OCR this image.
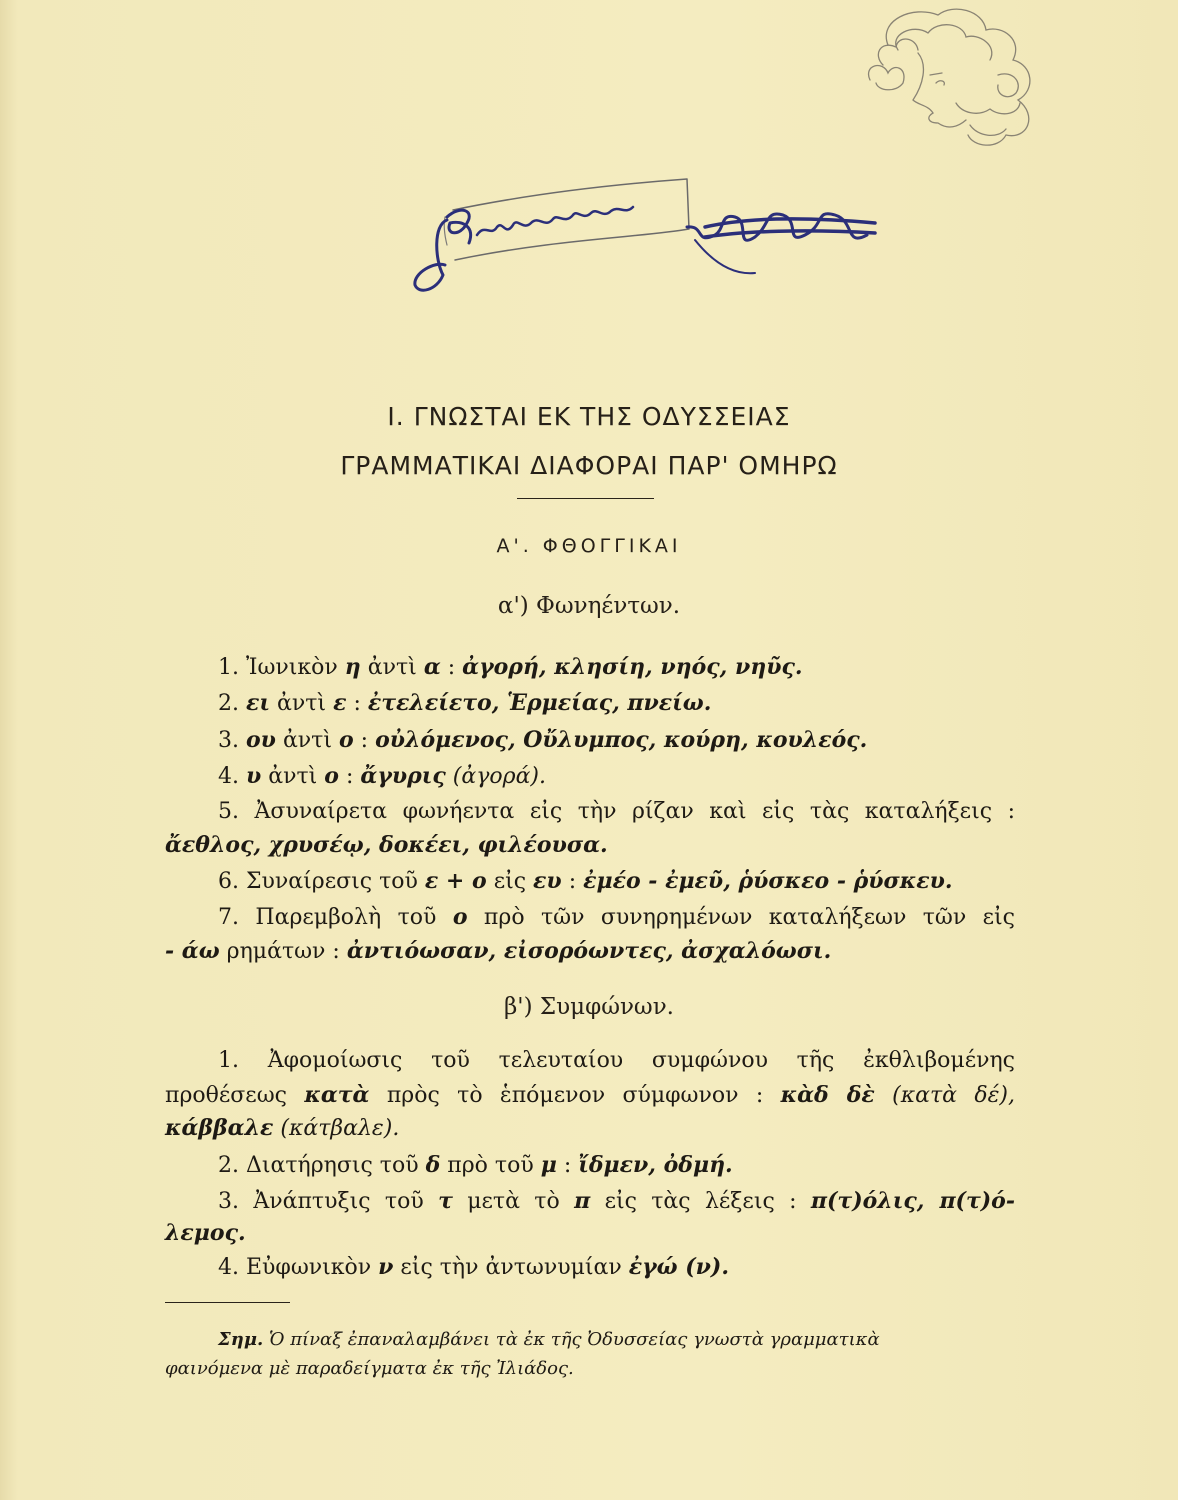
Φιλαπαρούλου
Ι. ΓΝΩΣΤΑΙ ΕΚ ΤΗΣ ΟΔΥΣΣΕΙΑΣ
ΓΡΑΜΜΑΤΙΚΑΙ ΔΙΑΦΟΡΑΙ ΠΑΡ' ΟΜΗΡΩ
Α'. ΦΘΟΓΓΙΚΑΙ
α') Φωνηέντων.
1. Ἰωνικὸν η ἀντὶ α : ἀγορή, κλησίη, νηός, νηῦς.
2. ει ἀντὶ ε : ἐτελείετο, Ἑρμείας, πνείω.
3. ου ἀντὶ ο : οὐλόμενος, Οὔλυμπος, κούρη, κουλεός.
4. υ ἀντὶ ο : ἄγυρις (ἀγορά).
5. Ἀσυναίρετα φωνήεντα εἰς τὴν ρίζαν καὶ εἰς τὰς καταλήξεις :
ἄεθλος, χρυσέῳ, δοκέει, φιλέουσα.
6. Συναίρεσις τοῦ ε + ο εἰς ευ : ἐμέο - ἐμεῦ, ῥύσκεο - ῥύσκευ.
7. Παρεμβολὴ τοῦ ο πρὸ τῶν συνηρημένων καταλήξεων τῶν εἰς
- άω ρημάτων : ἀντιόωσαν, εἰσορόωντες, ἀσχαλόωσι.
β') Συμφώνων.
1. Ἀφομοίωσις τοῦ τελευταίου συμφώνου τῆς ἐκθλιβομένης
προθέσεως κατὰ πρὸς τὸ ἑπόμενον σύμφωνον : κὰδ δὲ (κατὰ δέ),
κάββαλε (κάτβαλε).
2. Διατήρησις τοῦ δ πρὸ τοῦ μ : ἴδμεν, ὀδμή.
3. Ἀνάπτυξις τοῦ τ μετὰ τὸ π εἰς τὰς λέξεις : π(τ)όλις, π(τ)ό-
λεμος.
4. Εὐφωνικὸν ν εἰς τὴν ἀντωνυμίαν ἐγώ (ν).
Σημ. Ὁ πίναξ ἐπαναλαμβάνει τὰ ἐκ τῆς Ὀδυσσείας γνωστὰ γραμματικὰ
φαινόμενα μὲ παραδείγματα ἐκ τῆς Ἰλιάδος.
